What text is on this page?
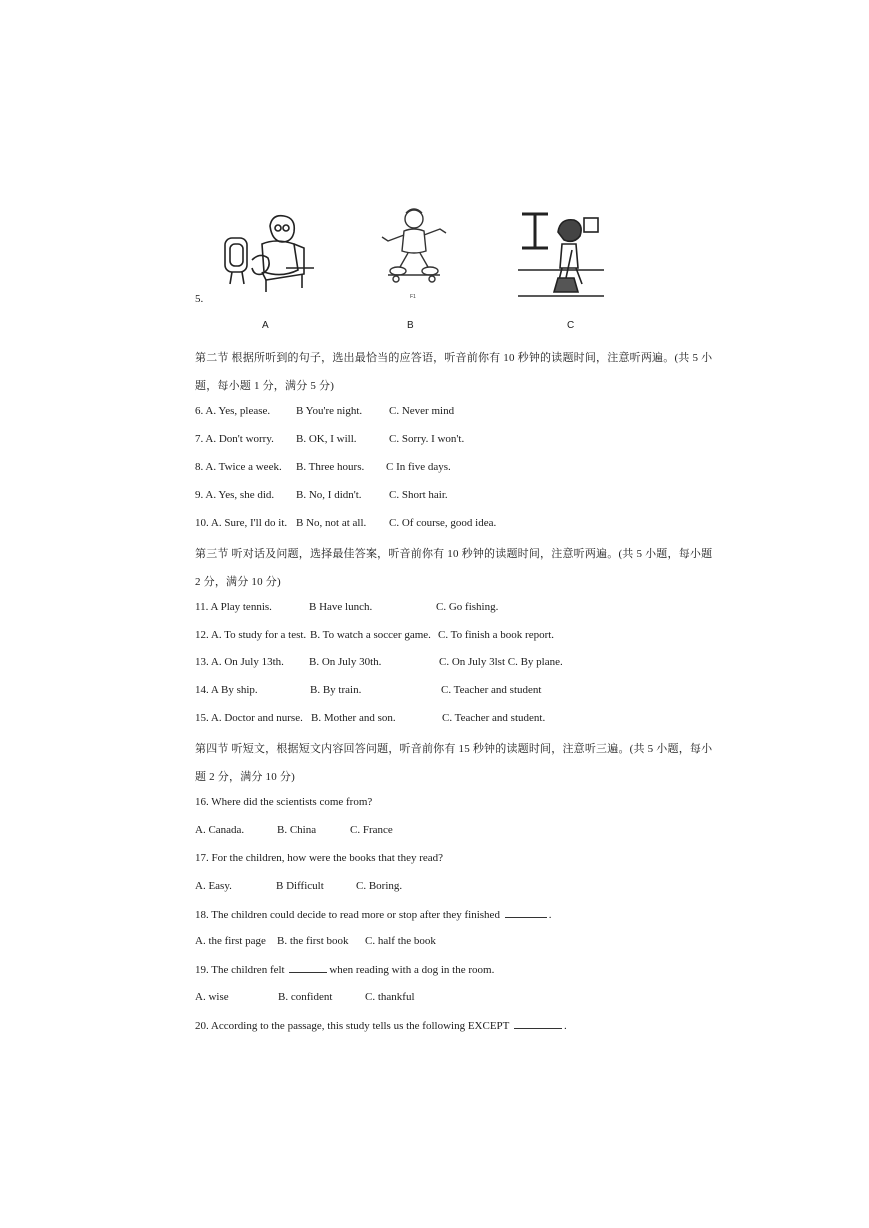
F1
5.
A	B	C
第二节 根据所听到的句子，选出最恰当的应答语，听音前你有 10 秒钟的读题时间，注意听两遍。(共 5 小
题，每小题 1 分，满分 5 分)
6. A. Yes, please. B You're night. C. Never mind
7. A. Don't worry. B. OK, I will.	C. Sorry. I won't.
8. A. Twice a week. B. Three hours. C In five days.
9. A. Yes, she did. B. No, I didn't. C. Short hair.
10. A. Sure, I'll do it. B No, not at all. C. Of course, good idea.
第三节 听对话及问题，选择最佳答案，听音前你有 10 秒钟的读题时间，注意听两遍。(共 5 小题，每小题
2 分，满分 10 分)
11. A Play tennis.	B Have lunch.	C. Go fishing.
12. A. To study for a test. B. To watch a soccer game. C. To finish a book report.
13. A. On July 13th. B. On July 30th.	C. On July 3lst C. By plane.
14. A By ship.	B. By train.	C. Teacher and student
15. A. Doctor and nurse. B. Mother and son.	C. Teacher and student.
第四节 听短文，根据短文内容回答问题，听音前你有 15 秒钟的读题时间，注意听三遍。(共 5 小题，每小
题 2 分，满分 10 分)
16. Where did the scientists come from?
A. Canada.	B. China	C. France
17. For the children, how were the books that they read?
A. Easy.	B Difficult	C. Boring.
18. The children could decide to read more or stop after they finished	.
A. the first page B. the first book C. half the book
19. The children felt	when reading with a dog in the room.
A. wise	B. confident	C. thankful
20. According to the passage, this study tells us the following EXCEPT	.
